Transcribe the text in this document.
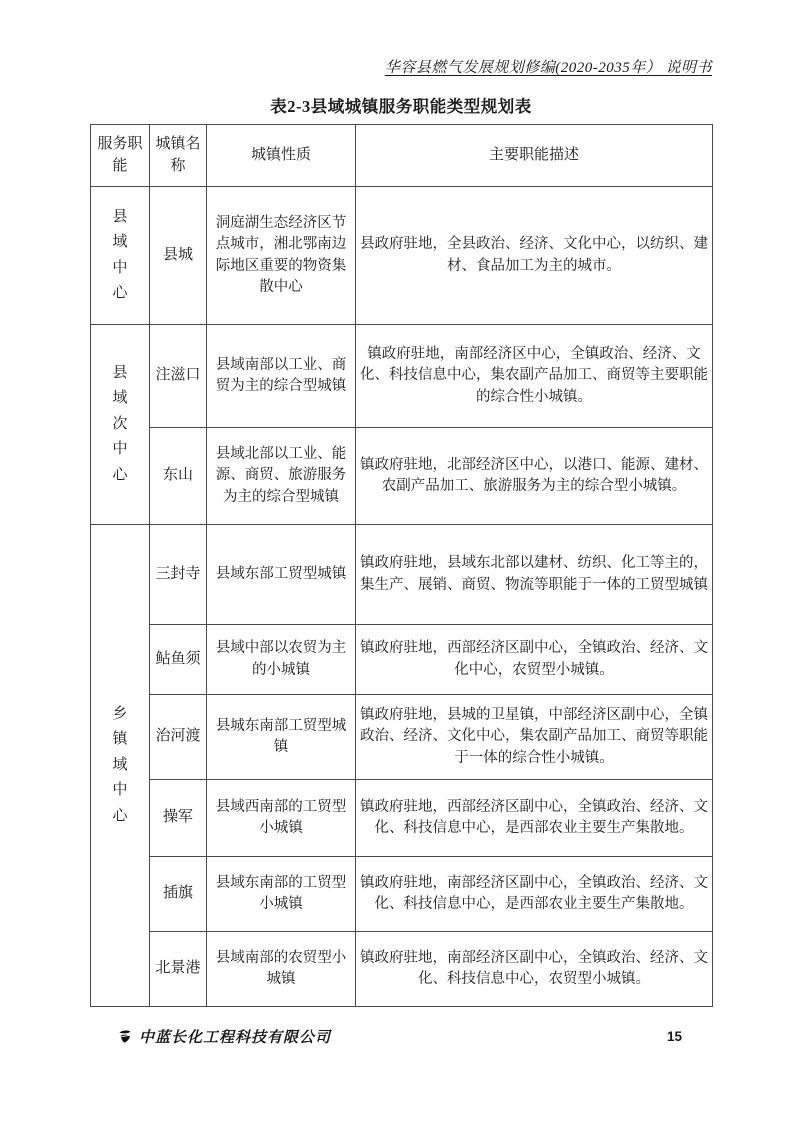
华容县燃气发展规划修编(2020-2035年） 说明书
表2-3县域城镇服务职能类型规划表
服务职能	城镇名称	城镇性质	主要职能描述

县域中心	县城	洞庭湖生态经济区节点城市，湘北鄂南边际地区重要的物资集散中心	县政府驻地，全县政治、经济、文化中心，以纺织、建材、食品加工为主的城市。

县域次中心	注滋口	县域南部以工业、商贸为主的综合型城镇	镇政府驻地，南部经济区中心，全镇政治、经济、文化、科技信息中心，集农副产品加工、商贸等主要职能的综合性小城镇。
	东山	县域北部以工业、能源、商贸、旅游服务为主的综合型城镇	镇政府驻地，北部经济区中心，以港口、能源、建材、农副产品加工、旅游服务为主的综合型小城镇。

乡镇域中心	三封寺	县域东部工贸型城镇	镇政府驻地，县域东北部以建材、纺织、化工等主的，集生产、展销、商贸、物流等职能于一体的工贸型城镇
	鲇鱼须	县域中部以农贸为主的小城镇	镇政府驻地，西部经济区副中心，全镇政治、经济、文化中心，农贸型小城镇。
	治河渡	县城东南部工贸型城镇	镇政府驻地，县城的卫星镇，中部经济区副中心，全镇政治、经济、文化中心，集农副产品加工、商贸等职能于一体的综合性小城镇。
	操军	县域西南部的工贸型小城镇	镇政府驻地，西部经济区副中心，全镇政治、经济、文化、科技信息中心，是西部农业主要生产集散地。
	插旗	县域东南部的工贸型小城镇	镇政府驻地，南部经济区副中心，全镇政治、经济、文化、科技信息中心，是西部农业主要生产集散地。
	北景港	县域南部的农贸型小城镇	镇政府驻地，南部经济区副中心，全镇政治、经济、文化、科技信息中心，农贸型小城镇。
中蓝长化工程科技有限公司	15
